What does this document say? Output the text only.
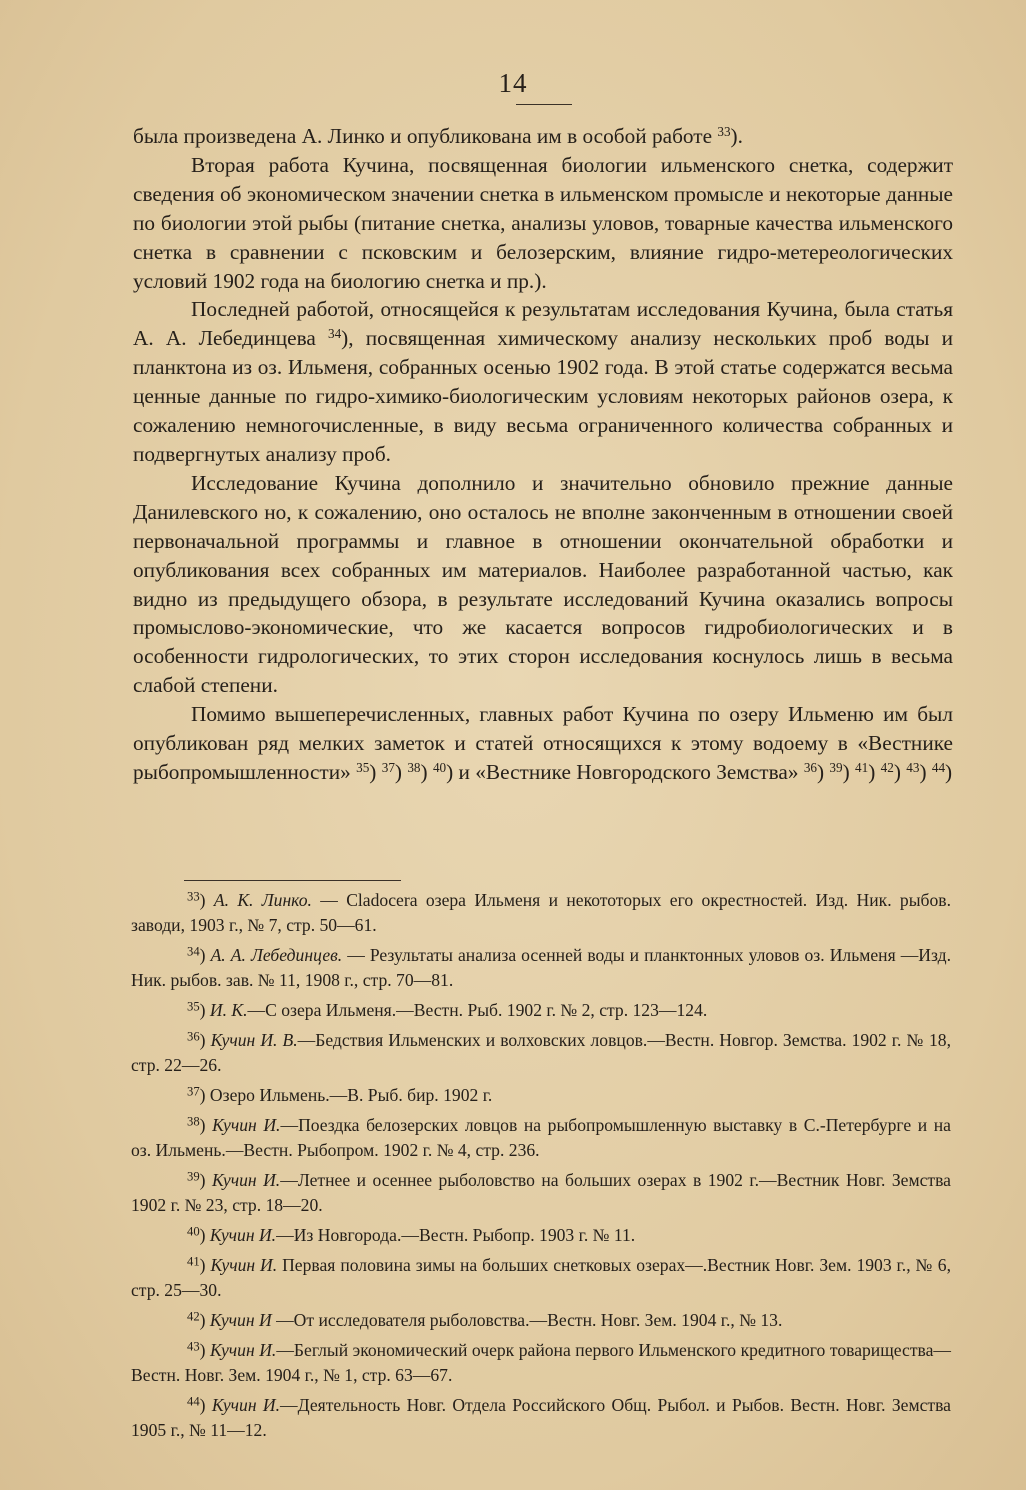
14

была произведена А. Линко и опубликована им в особой работе $^{33}$).

Вторая работа Кучина, посвященная биологии ильменского снетка, содержит сведения об экономическом значении снетка в ильменском промысле и некоторые данные по биологии этой рыбы (питание снетка, анализы уловов, товарные качества ильменского снетка в сравнении с псковским и белозерским, влияние гидро-метереологических условий 1902 года на биологию снетка и пр.).

Последней работой, относящейся к результатам исследования Кучина, была статья А. А. Лебединцева $^{34}$), посвященная химическому анализу нескольких проб воды и планктона из оз. Ильменя, собранных осенью 1902 года. В этой статье содержатся весьма ценные данные по гидро-химико-биологическим условиям некоторых районов озера, к сожалению немногочисленные, в виду весьма ограниченного количества собранных и подвергнутых анализу проб.

Исследование Кучина дополнило и значительно обновило прежние данные Данилевского но, к сожалению, оно осталось не вполне законченным в отношении своей первоначальной программы и главное в отношении окончательной обработки и опубликования всех собранных им материалов. Наиболее разработанной частью, как видно из предыдущего обзора, в результате исследований Кучина оказались вопросы промыслово-экономические, что же касается вопросов гидробиологических и в особенности гидрологических, то этих сторон исследования коснулось лишь в весьма слабой степени.

Помимо вышеперечисленных, главных работ Кучина по озеру Ильменю им был опубликован ряд мелких заметок и статей относящихся к этому водоему в «Вестнике рыбопромышленности» $^{35}$) $^{37}$) $^{38}$) $^{40}$) и «Вестнике Новгородского Земства» $^{36}$) $^{39}$) $^{41}$) $^{42}$) $^{43}$) $^{44}$)

$^{33}$) А. К. Линко. — Cladocera озера Ильменя и некототорых его окрестностей. Изд. Ник. рыбов. заводи, 1903 г., № 7, стр. 50—61.

$^{34}$) А. А. Лебединцев. — Результаты анализа осенней воды и планктонных уловов оз. Ильменя —Изд. Ник. рыбов. зав. № 11, 1908 г., стр. 70—81.

$^{35}$) И. К.—С озера Ильменя.—Вестн. Рыб. 1902 г. № 2, стр. 123—124.

$^{36}$) Кучин И. В.—Бедствия Ильменских и волховских ловцов.—Вестн. Новгор. Земства. 1902 г. № 18, стр. 22—26.

$^{37}$) Озеро Ильмень.—В. Рыб. бир. 1902 г.

$^{38}$) Кучин И.—Поездка белозерских ловцов на рыбопромышленную выставку в С.-Петербурге и на оз. Ильмень.—Вестн. Рыбопром. 1902 г. № 4, стр. 236.

$^{39}$) Кучин И.—Летнее и осеннее рыболовство на больших озерах в 1902 г.—Вестник Новг. Земства 1902 г. № 23, стр. 18—20.

$^{40}$) Кучин И.—Из Новгорода.—Вестн. Рыбопр. 1903 г. № 11.

$^{41}$) Кучин И. Первая половина зимы на больших снетковых озерах—.Вестник Новг. Зем. 1903 г., № 6, стр. 25—30.

$^{42}$) Кучин И —От исследователя рыболовства.—Вестн. Новг. Зем. 1904 г., № 13.

$^{43}$) Кучин И.—Беглый экономический очерк района первого Ильменского кредитного товарищества—Вестн. Новг. Зем. 1904 г., № 1, стр. 63—67.

$^{44}$) Кучин И.—Деятельность Новг. Отдела Российского Общ. Рыбол. и Рыбов. Вестн. Новг. Земства 1905 г., № 11—12.
